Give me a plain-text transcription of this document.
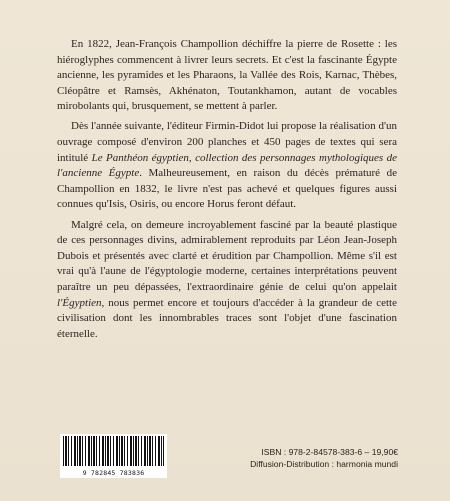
En 1822, Jean-François Champollion déchiffre la pierre de Rosette : les hiéroglyphes commencent à livrer leurs secrets. Et c'est la fascinante Égypte ancienne, les pyramides et les Pharaons, la Vallée des Rois, Karnac, Thèbes, Cléopâtre et Ramsès, Akhénaton, Toutankhamon, autant de vocables mirobolants qui, brusquement, se mettent à parler.

Dès l'année suivante, l'éditeur Firmin-Didot lui propose la réalisation d'un ouvrage composé d'environ 200 planches et 450 pages de textes qui sera intitulé Le Panthéon égyptien, collection des personnages mythologiques de l'ancienne Égypte. Malheureusement, en raison du décès prématuré de Champollion en 1832, le livre n'est pas achevé et quelques figures aussi connues qu'Isis, Osiris, ou encore Horus feront défaut.

Malgré cela, on demeure incroyablement fasciné par la beauté plastique de ces personnages divins, admirablement reproduits par Léon Jean-Joseph Dubois et présentés avec clarté et érudition par Champollion. Même s'il est vrai qu'à l'aune de l'égyptologie moderne, certaines interprétations peuvent paraître un peu dépassées, l'extraordinaire génie de celui qu'on appelait l'Égyptien, nous permet encore et toujours d'accéder à la grandeur de cette civilisation dont les innombrables traces sont l'objet d'une fascination éternelle.

9 782845 783836
ISBN : 978-2-84578-383-6 – 19,90€
Diffusion-Distribution : harmonia mundi
